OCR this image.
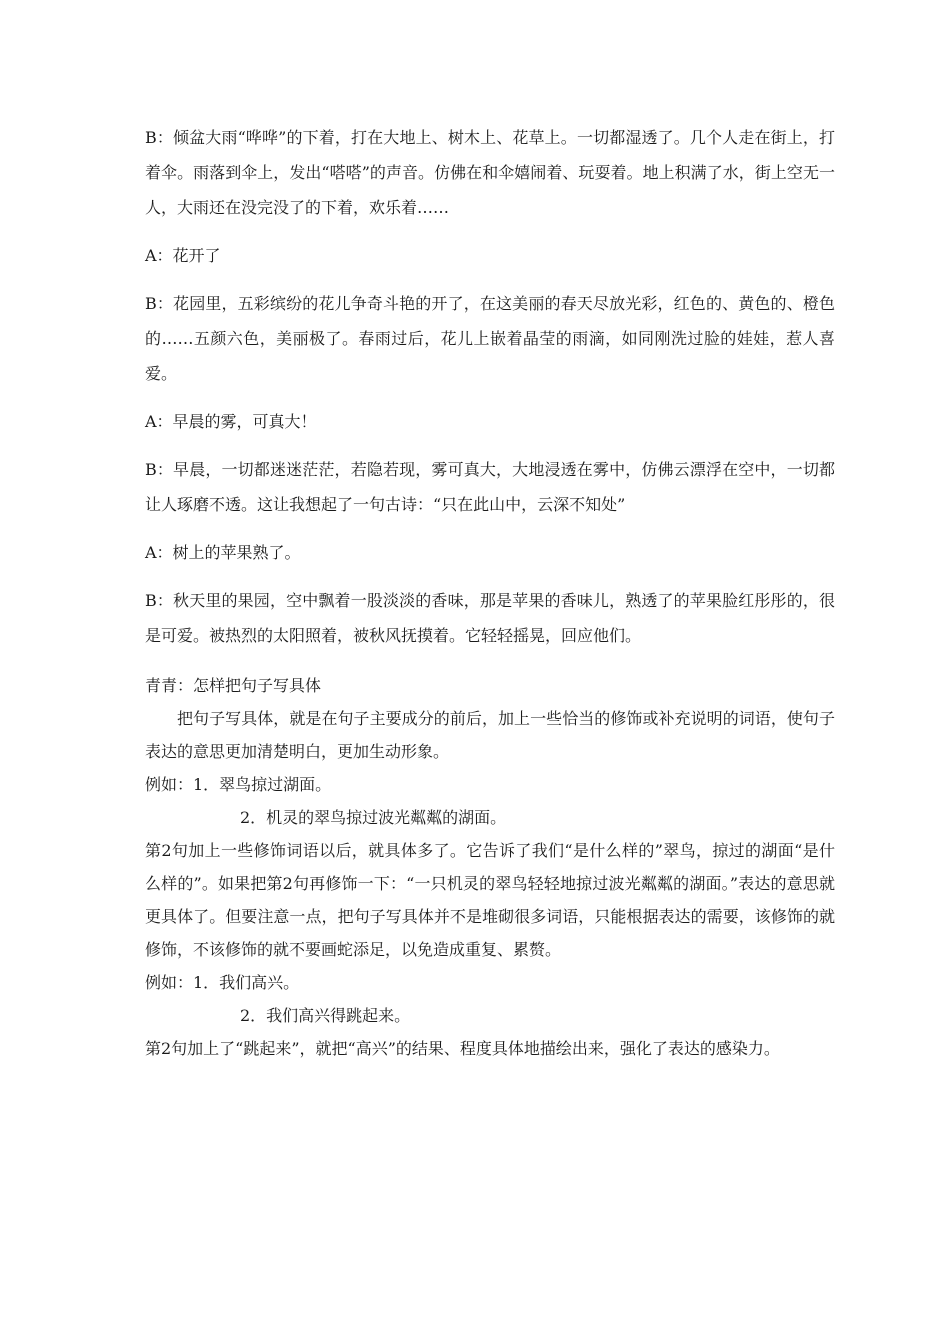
B：倾盆大雨“哗哗”的下着，打在大地上、树木上、花草上。一切都湿透了。几个人走在街上，打着伞。雨落到伞上，发出“嗒嗒”的声音。仿佛在和伞嬉闹着、玩耍着。地上积满了水，街上空无一人，大雨还在没完没了的下着，欢乐着……

A：花开了

B：花园里，五彩缤纷的花儿争奇斗艳的开了，在这美丽的春天尽放光彩，红色的、黄色的、橙色的……五颜六色，美丽极了。春雨过后，花儿上嵌着晶莹的雨滴，如同刚洗过脸的娃娃，惹人喜爱。

A：早晨的雾，可真大！

B：早晨，一切都迷迷茫茫，若隐若现，雾可真大，大地浸透在雾中，仿佛云漂浮在空中，一切都让人琢磨不透。这让我想起了一句古诗：“只在此山中，云深不知处”

A：树上的苹果熟了。

B：秋天里的果园，空中飘着一股淡淡的香味，那是苹果的香味儿，熟透了的苹果脸红彤彤的，很是可爱。被热烈的太阳照着，被秋风抚摸着。它轻轻摇晃，回应他们。

青青：怎样把句子写具体

把句子写具体，就是在句子主要成分的前后，加上一些恰当的修饰或补充说明的词语，使句子表达的意思更加清楚明白，更加生动形象。

例如：1．翠鸟掠过湖面。

2．机灵的翠鸟掠过波光粼粼的湖面。

第2句加上一些修饰词语以后，就具体多了。它告诉了我们“是什么样的”翠鸟，掠过的湖面“是什么样的”。如果把第2句再修饰一下：“一只机灵的翠鸟轻轻地掠过波光粼粼的湖面。”表达的意思就更具体了。但要注意一点，把句子写具体并不是堆砌很多词语，只能根据表达的需要，该修饰的就修饰，不该修饰的就不要画蛇添足，以免造成重复、累赘。

例如：1．我们高兴。

2．我们高兴得跳起来。

第2句加上了“跳起来”，就把“高兴”的结果、程度具体地描绘出来，强化了表达的感染力。
